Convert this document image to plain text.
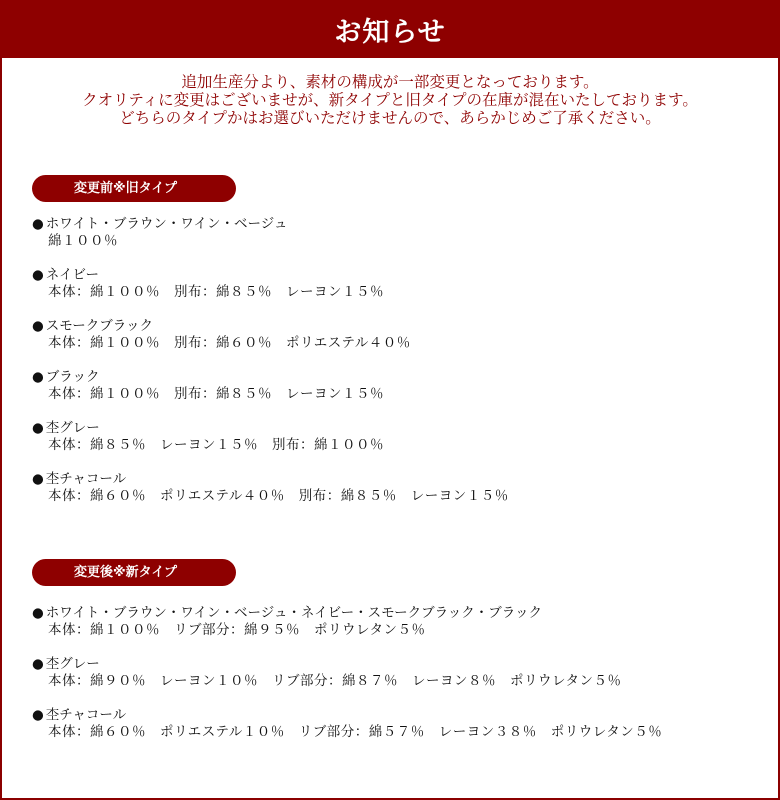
お知らせ
追加生産分より、素材の構成が一部変更となっております。
クオリティに変更はございませが、新タイプと旧タイプの在庫が混在いたしております。
どちらのタイプかはお選びいただけませんので、あらかじめご了承ください。
変更前※旧タイプ
● ホワイト・ブラウン・ワイン・ベージュ
綿１００％
● ネイビー
本体：綿１００％　別布：綿８５％　レーヨン１５％
● スモークブラック
本体：綿１００％　別布：綿６０％　ポリエステル４０％
● ブラック
本体：綿１００％　別布：綿８５％　レーヨン１５％
● 杢グレー
本体：綿８５％　レーヨン１５％　別布：綿１００％
● 杢チャコール
本体：綿６０％　ポリエステル４０％　別布：綿８５％　レーヨン１５％
変更後※新タイプ
● ホワイト・ブラウン・ワイン・ベージュ・ネイビー・スモークブラック・ブラック
本体：綿１００％　リブ部分：綿９５％　ポリウレタン５％
● 杢グレー
本体：綿９０％　レーヨン１０％　リブ部分：綿８７％　レーヨン８％　ポリウレタン５％
● 杢チャコール
本体：綿６０％　ポリエステル１０％　リブ部分：綿５７％　レーヨン３８％　ポリウレタン５％
